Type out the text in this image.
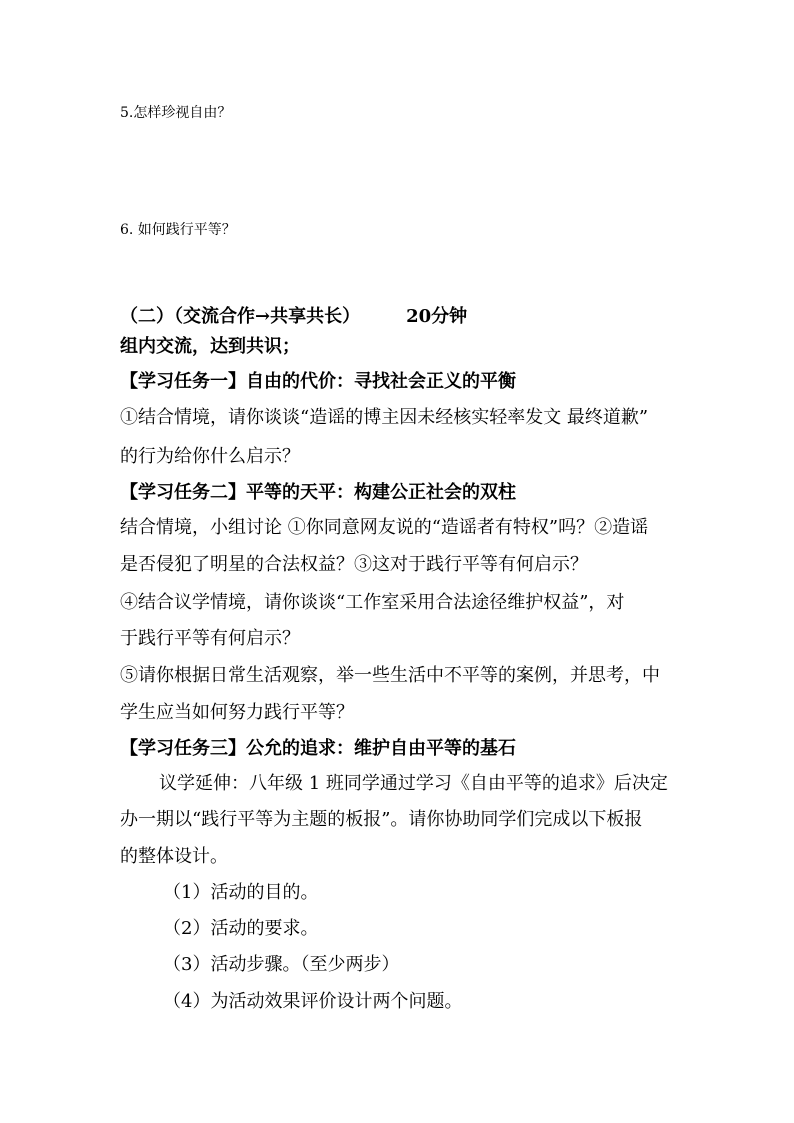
5.怎样珍视自由？
6. 如何践行平等？
（二）（交流合作→共享共长）	20分钟
组内交流，达到共识；
【学习任务一】自由的代价：寻找社会正义的平衡
①结合情境，请你谈谈“造谣的博主因未经核实轻率发文 最终道歉”
的行为给你什么启示？
【学习任务二】平等的天平：构建公正社会的双柱
结合情境，小组讨论 ①你同意网友说的“造谣者有特权”吗？②造谣
是否侵犯了明星的合法权益？③这对于践行平等有何启示？
④结合议学情境，请你谈谈“工作室采用合法途径维护权益”，对
于践行平等有何启示？
⑤请你根据日常生活观察，举一些生活中不平等的案例，并思考，中
学生应当如何努力践行平等？
【学习任务三】公允的追求：维护自由平等的基石
议学延伸：八年级 1 班同学通过学习《自由平等的追求》后决定
办一期以“践行平等为主题的板报”。请你协助同学们完成以下板报
的整体设计。
（1）活动的目的。
（2）活动的要求。
（3）活动步骤。（至少两步）
（4）为活动效果评价设计两个问题。
